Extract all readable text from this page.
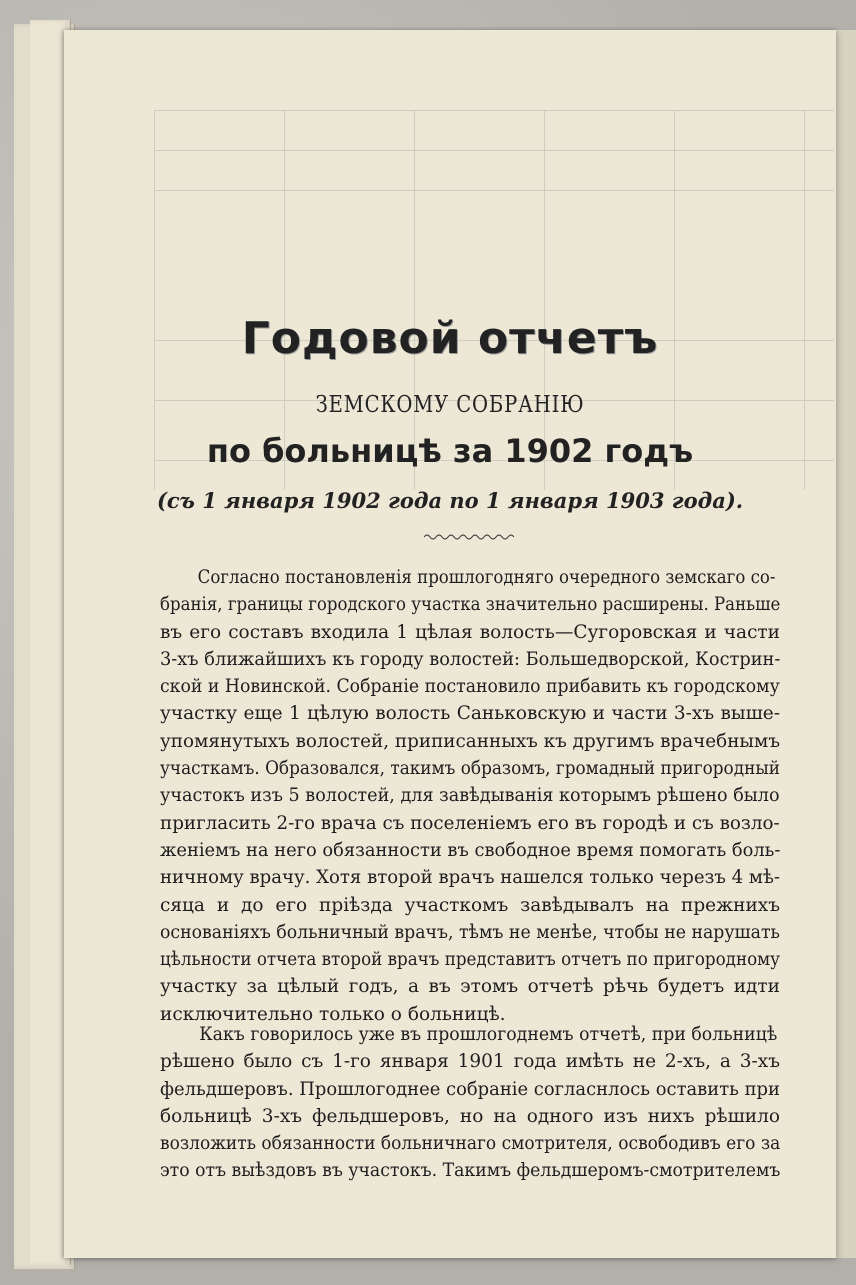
Годовой отчетъ
ЗЕМСКОМУ СОБРАНІЮ
по больницѣ за 1902 годъ
(съ 1 января 1902 года по 1 января 1903 года).
Согласно постановленія прошлогодняго очередного земскаго со-
бранія, границы городского участка значительно расширены. Раньше
въ его составъ входила 1 цѣлая волость—Сугоровская и части
3-хъ ближайшихъ къ городу волостей: Большедворской, Кострин-
ской и Новинской. Собраніе постановило прибавить къ городскому
участку еще 1 цѣлую волость Саньковскую и части 3-хъ выше-
упомянутыхъ волостей, приписанныхъ къ другимъ врачебнымъ
участкамъ. Образовался, такимъ образомъ, громадный пригородный
участокъ изъ 5 волостей, для завѣдыванія которымъ рѣшено было
пригласить 2-го врача съ поселеніемъ его въ городѣ и съ возло-
женіемъ на него обязанности въ свободное время помогать боль-
ничному врачу. Хотя второй врачъ нашелся только черезъ 4 мѣ-
сяца и до его пріѣзда участкомъ завѣдывалъ на прежнихъ
основаніяхъ больничный врачъ, тѣмъ не менѣе, чтобы не нарушать
цѣльности отчета второй врачъ представитъ отчетъ по пригородному
участку за цѣлый годъ, а въ этомъ отчетѣ рѣчь будетъ идти
исключительно только о больницѣ.
Какъ говорилось уже въ прошлогоднемъ отчетѣ, при больницѣ
рѣшено было съ 1-го января 1901 года имѣть не 2-хъ, а 3-хъ
фельдшеровъ. Прошлогоднее собраніе согласнлось оставить при
больницѣ 3-хъ фельдшеровъ, но на одного изъ нихъ рѣшило
возложить обязанности больничнаго смотрителя, освободивъ его за
это отъ выѣздовъ въ участокъ. Такимъ фельдшеромъ-смотрителемъ
